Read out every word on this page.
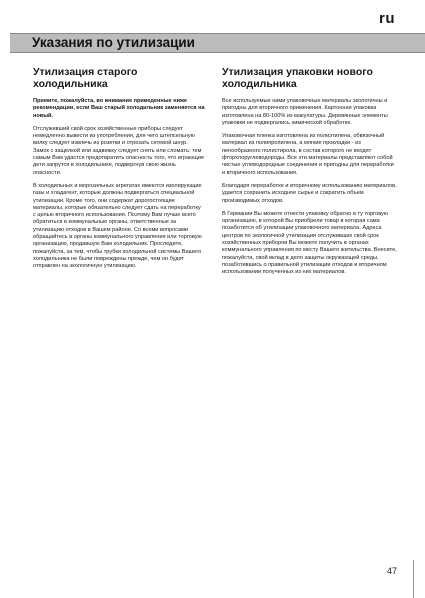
ru
Указания по утилизации
Утилизация старого холодильника

Примите, пожалуйста, во внимание приведенные ниже рекомендации, если Ваш старый холодильник заменяется на новый.

Отслуживший свой срок хозяйственные приборы следует немедленно вывести из употребления, для чего штепсельную вилку следует извлечь из розетки и отрезать сетевой шнур. Замок с защелкой или задвижку следует снять или сломать: тем самым Вам удастся предотвратить опасность того, что играющие дети запрутся в холодильнике, подвергнув свою жизнь опасности.

В холодильных и морозильных агрегатах имеются изолирующие газы и хладагент, которые должны подвергаться специальной утилизации. Кроме того, они содержат дорогостоящие материалы, которые обязательно следует сдать на переработку с целью вторичного использования. Поэтому Вам лучше всего обратиться в коммунальные органы, ответственные за утилизацию отходов в Вашем районе. Со всеми вопросами обращайтесь в органы коммунального управления или торговую организацию, продавшую Вам холодильник. Проследите, пожалуйста, за тем, чтобы трубки холодильной системы Вашего холодильника не были повреждены прежде, чем он будет отправлен на экологичную утилизацию.

Утилизация упаковки нового холодильника

Все используемые нами упаковочные материалы экологичны и пригодны для вторичного применения. Картонная упаковка изготовлена на 80-100% из макулатуры. Деревянные элементы упаковки не подвергались химической обработке.

Упаковочная пленка изготовлена из полиэтилена, обвязочный материал из полипропилена, а мягкие прокладки - из пенообразного полистирола, в состав которого не входят фторхлоруглеводороды. Все эти материалы представляют собой чистые углеводородные соединения и пригодны для переработки и вторичного использования.

Благодаря переработке и вторичному использованию материалов, удается сохранить исходное сырье и сократить объем производимых отходов.

В Германии Вы можете отнести упаковку обратно в ту торговую организацию, в которой Вы приобрели товар в которая сама позаботится об утилизации упаковочного материала. Адреса центров по экологичной утилизации отслуживших свой срок хозяйственных приборов Вы можете получить в органах коммунального управления по месту Вашего жительства. Внесите, пожалуйста, свой вклад в дело защиты окружающей среды, позаботившись о правильной утилизации отходов и вторичном использовании полученных из них материалов.

47
